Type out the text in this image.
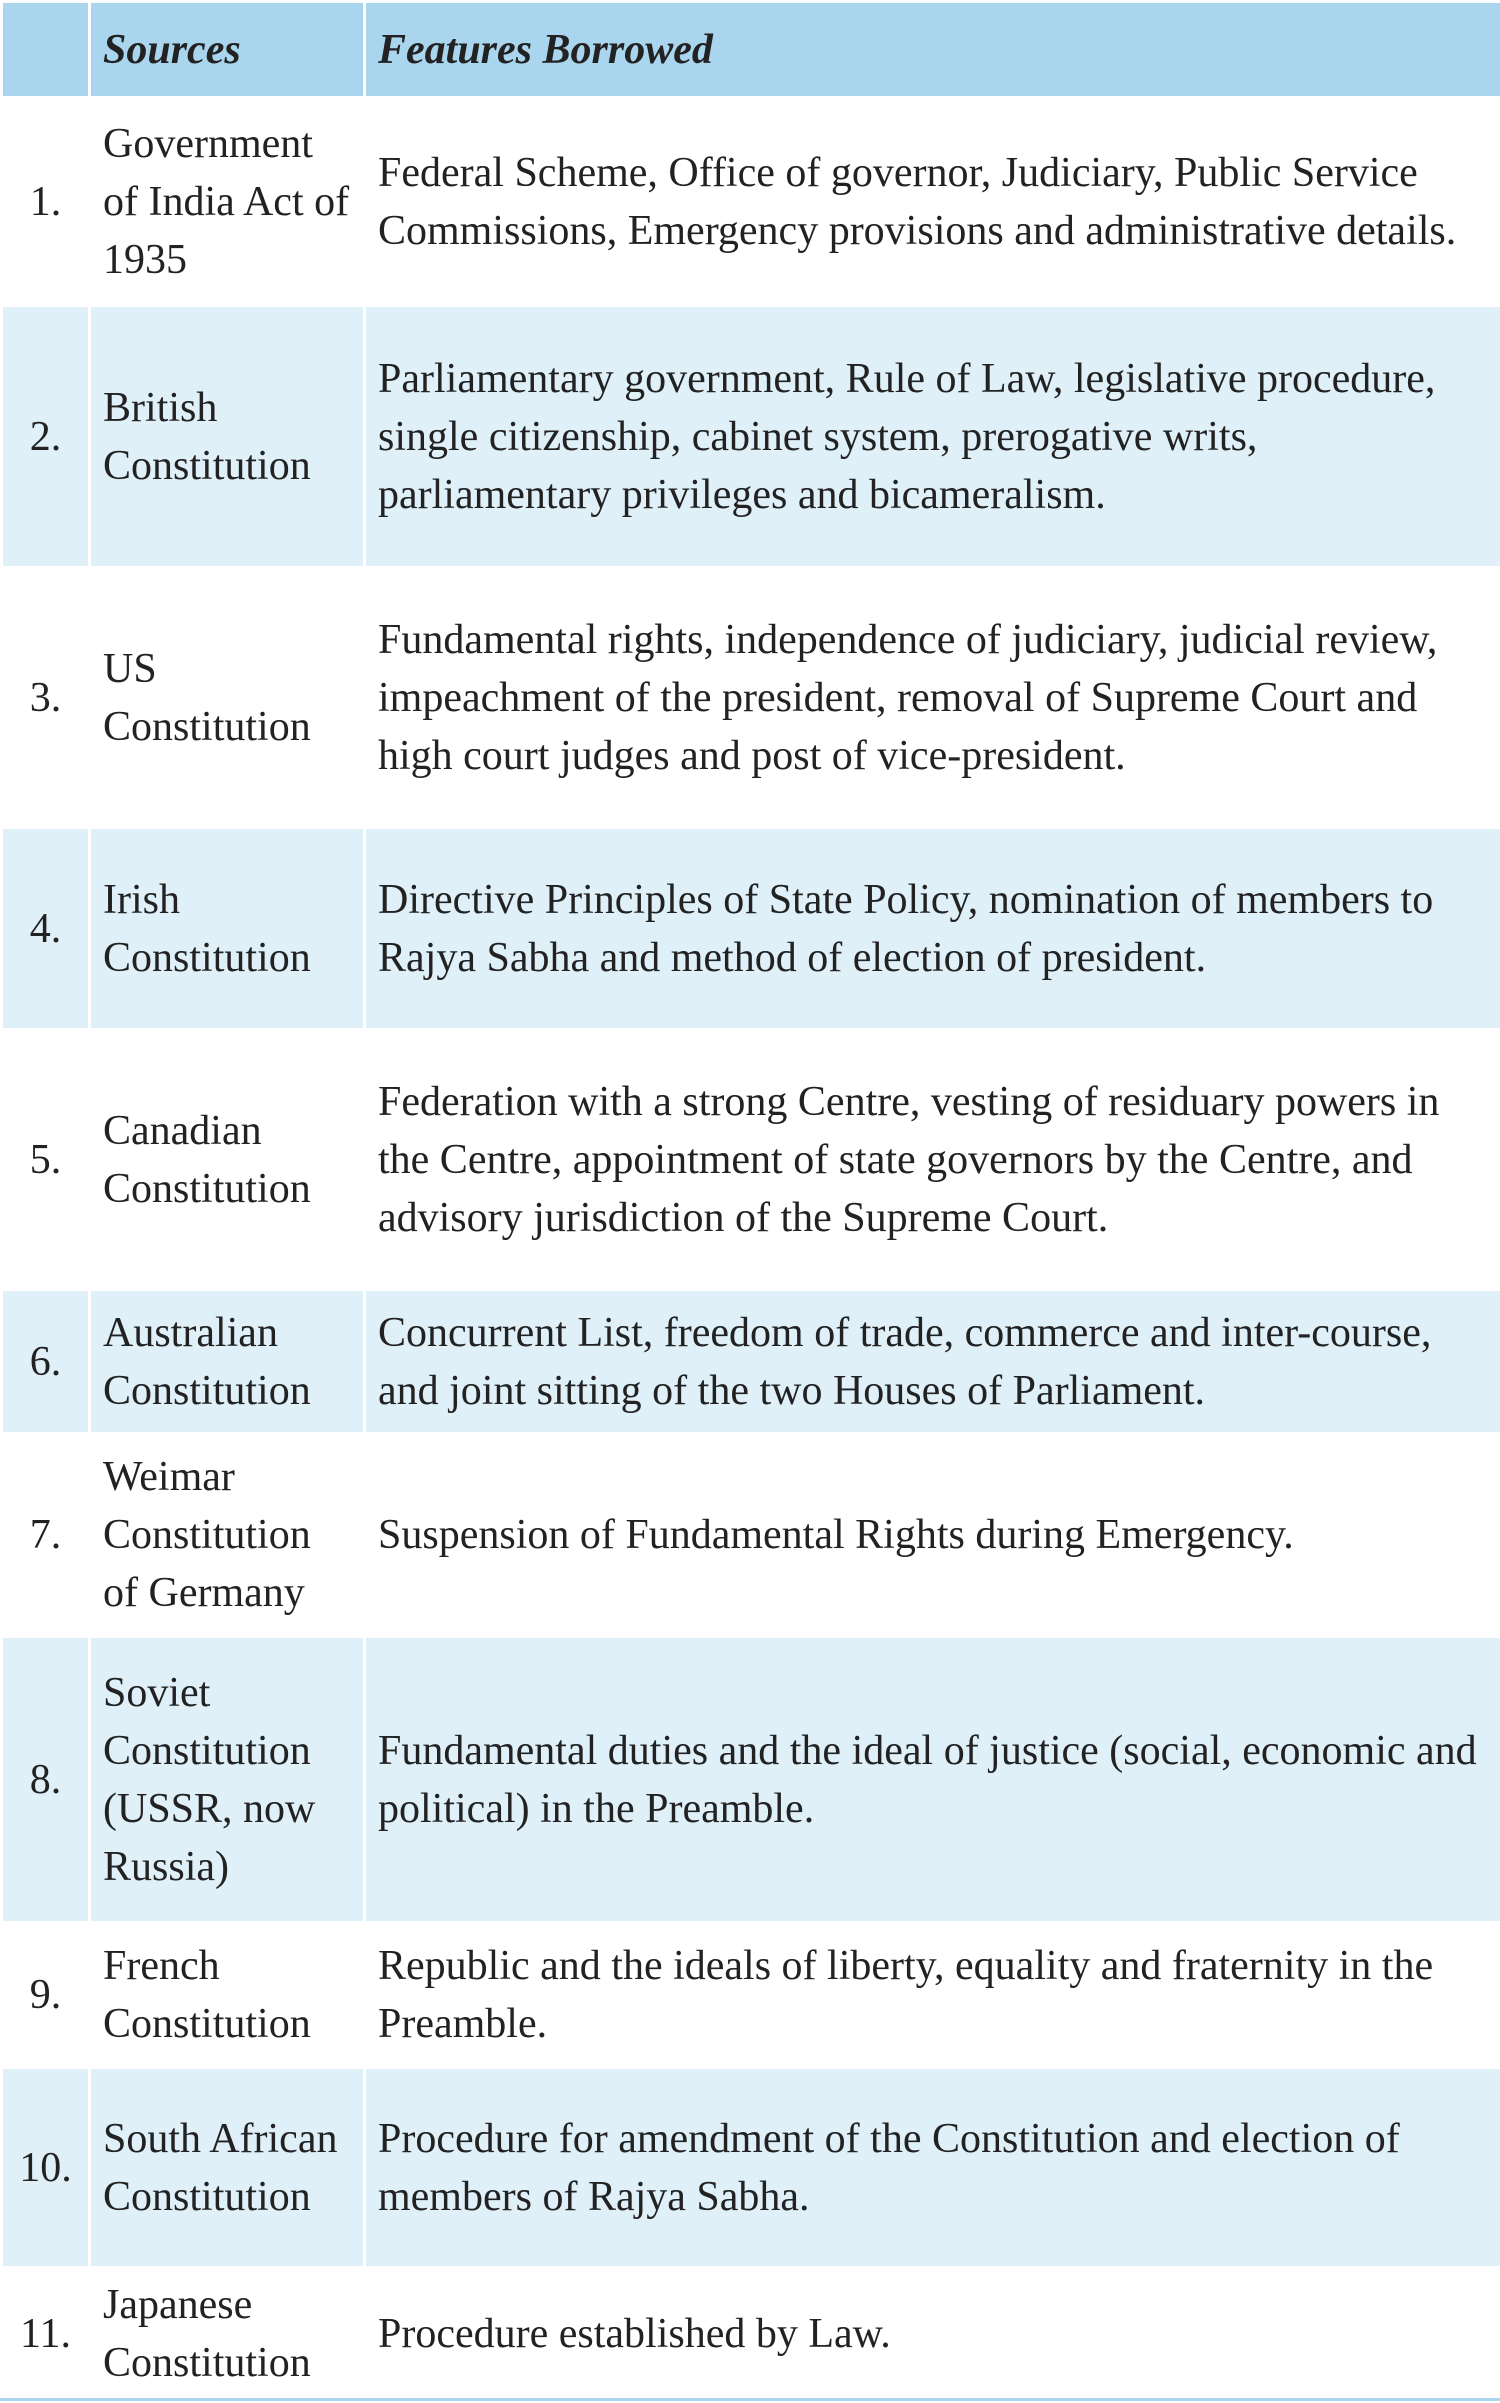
	Sources	Features Borrowed
1.	Government of India Act of 1935	Federal Scheme, Office of governor, Judiciary, Public Service Commissions, Emergency provisions and administrative details.
2.	British Constitution	Parliamentary government, Rule of Law, legislative procedure, single citizenship, cabinet system, prerogative writs, parliamentary privileges and bicameralism.
3.	US Constitution	Fundamental rights, independence of judiciary, judicial review, impeachment of the president, removal of Supreme Court and high court judges and post of vice-president.
4.	Irish Constitution	Directive Principles of State Policy, nomination of members to Rajya Sabha and method of election of president.
5.	Canadian Constitution	Federation with a strong Centre, vesting of residuary powers in the Centre, appointment of state governors by the Centre, and advisory jurisdiction of the Supreme Court.
6.	Australian Constitution	Concurrent List, freedom of trade, commerce and inter-course, and joint sitting of the two Houses of Parliament.
7.	Weimar Constitution of Germany	Suspension of Fundamental Rights during Emergency.
8.	Soviet Constitution (USSR, now Russia)	Fundamental duties and the ideal of justice (social, economic and political) in the Preamble.
9.	French Constitution	Republic and the ideals of liberty, equality and fraternity in the Preamble.
10.	South African Constitution	Procedure for amendment of the Constitution and election of members of Rajya Sabha.
11.	Japanese Constitution	Procedure established by Law.
